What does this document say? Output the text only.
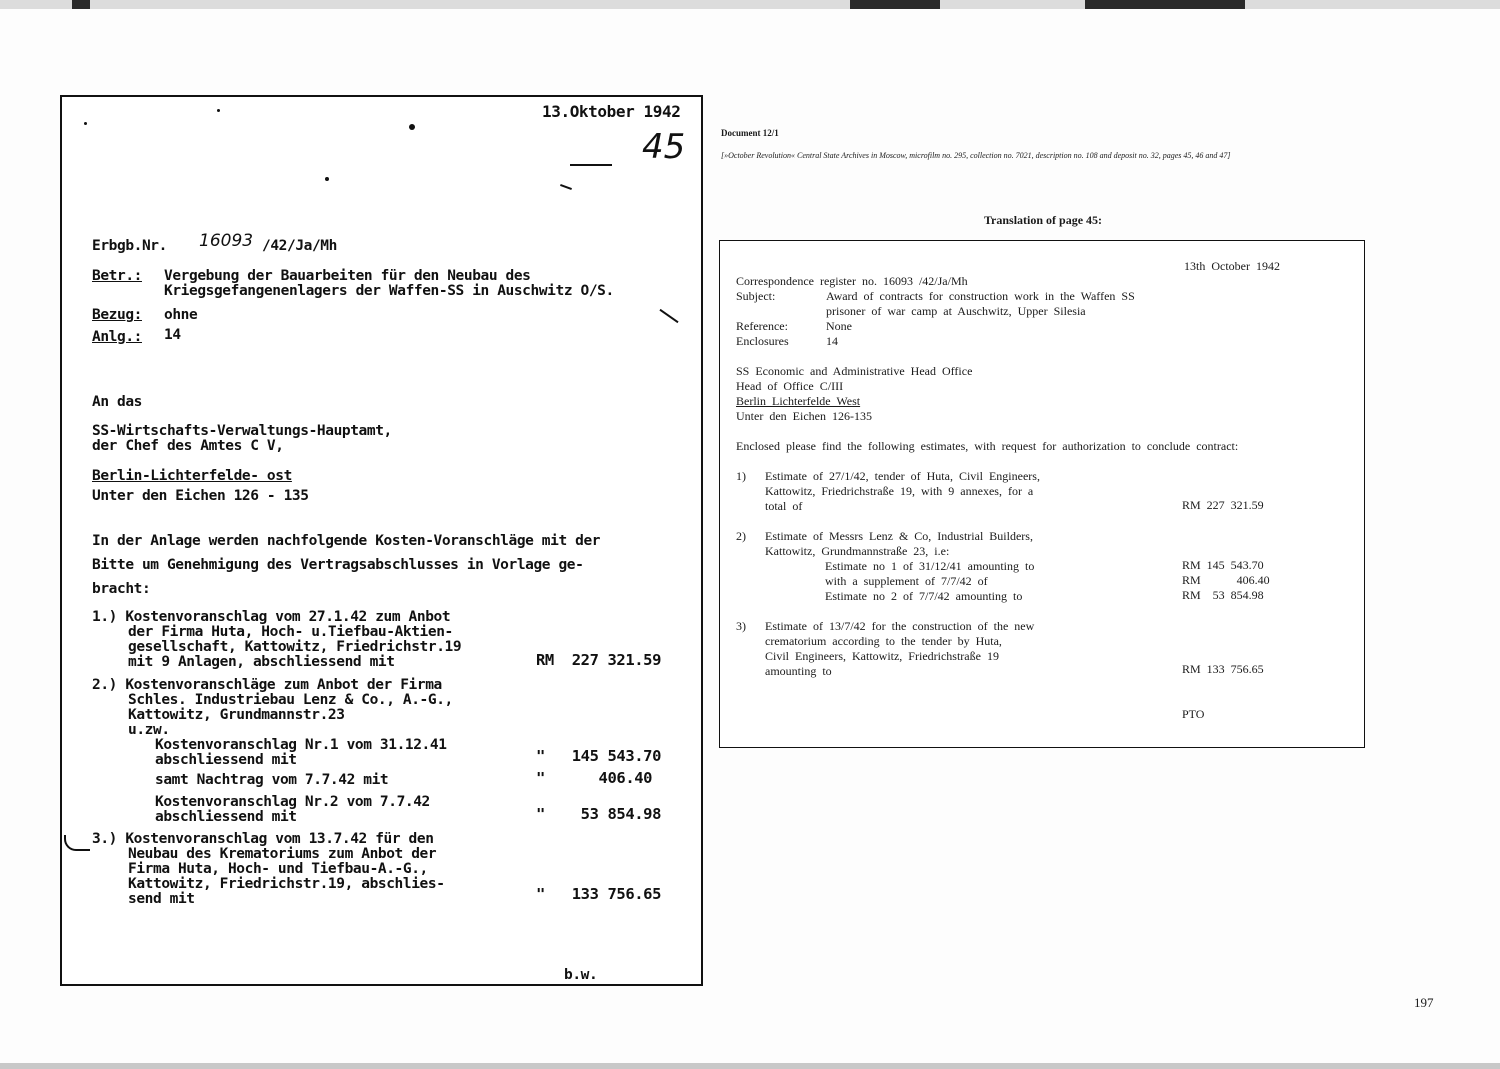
13.Oktober 1942
45
Erbgb.Nr. 16093 /42/Ja/Mh
Betr.: Vergebung der Bauarbeiten für den Neubau des
Kriegsgefangenenlagers der Waffen-SS in Auschwitz O/S.
Bezug: ohne
Anlg.: 14
An das
SS-Wirtschafts-Verwaltungs-Hauptamt,
der Chef des Amtes C V,
Berlin-Lichterfelde- ost
Unter den Eichen 126 - 135
In der Anlage werden nachfolgende Kosten-Voranschläge mit der
Bitte um Genehmigung des Vertragsabschlusses in Vorlage ge-
bracht:
1.) Kostenvoranschlag vom 27.1.42 zum Anbot
der Firma Huta, Hoch- u.Tiefbau-Aktien-
gesellschaft, Kattowitz, Friedrichstr.19
mit 9 Anlagen, abschliessend mit	RM  227 321.59
2.) Kostenvoranschläge zum Anbot der Firma
Schles. Industriebau Lenz & Co., A.-G.,
Kattowitz, Grundmannstr.23
u.zw.
Kostenvoranschlag Nr.1 vom 31.12.41
abschliessend mit	"   145 543.70
samt Nachtrag vom 7.7.42 mit	"      406.40
Kostenvoranschlag Nr.2 vom 7.7.42
abschliessend mit	"    53 854.98
3.) Kostenvoranschlag vom 13.7.42 für den
Neubau des Krematoriums zum Anbot der
Firma Huta, Hoch- und Tiefbau-A.-G.,
Kattowitz, Friedrichstr.19, abschlies-
send mit	"   133 756.65
b.w.
Document 12/1
[»October Revolution« Central State Archives in Moscow, microfilm no. 295, collection no. 7021, description no. 108 and deposit no. 32, pages 45, 46 and 47]
Translation of page 45:
13th October 1942
Correspondence register no. 16093 /42/Ja/Mh
Subject:	Award of contracts for construction work in the Waffen SS
prisoner of war camp at Auschwitz, Upper Silesia
Reference:	None
Enclosures	14
SS Economic and Administrative Head Office
Head of Office C/III
Berlin Lichterfelde West
Unter den Eichen 126-135
Enclosed please find the following estimates, with request for authorization to conclude contract:
1) Estimate of 27/1/42, tender of Huta, Civil Engineers,
Kattowitz, Friedrichstraße 19, with 9 annexes, for a
total of	RM 227 321.59
2) Estimate of Messrs Lenz & Co, Industrial Builders,
Kattowitz, Grundmannstraße 23, i.e:
Estimate no 1 of 31/12/41 amounting to	RM 145 543.70
with a supplement of 7/7/42 of	RM      406.40
Estimate no 2 of 7/7/42 amounting to	RM  53 854.98
3) Estimate of 13/7/42 for the construction of the new
crematorium according to the tender by Huta,
Civil Engineers, Kattowitz, Friedrichstraße 19
amounting to	RM 133 756.65
PTO
197
